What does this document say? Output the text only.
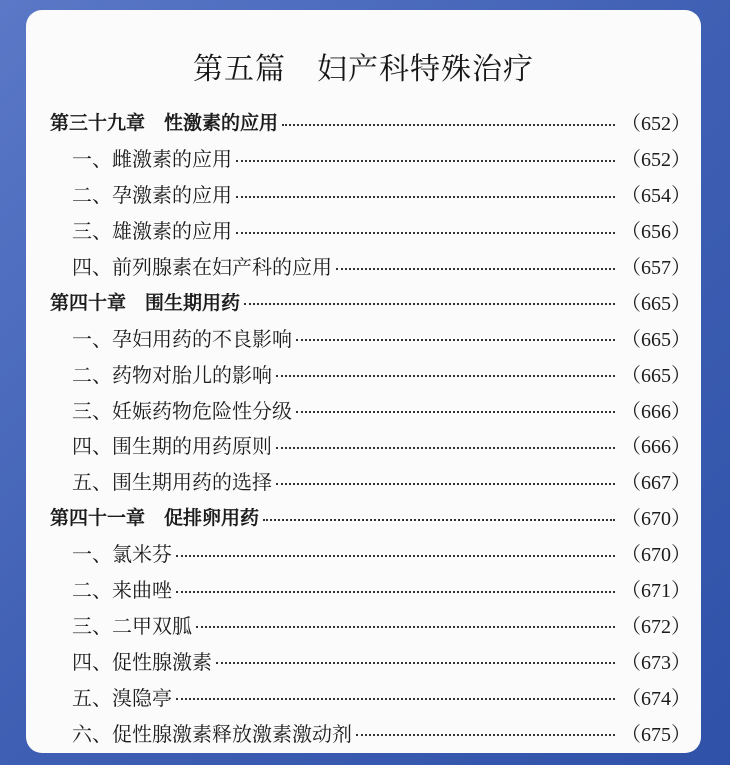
第五篇　妇产科特殊治疗
第三十九章　性激素的应用	（652）
一、雌激素的应用	（652）
二、孕激素的应用	（654）
三、雄激素的应用	（656）
四、前列腺素在妇产科的应用	（657）
第四十章　围生期用药	（665）
一、孕妇用药的不良影响	（665）
二、药物对胎儿的影响	（665）
三、妊娠药物危险性分级	（666）
四、围生期的用药原则	（666）
五、围生期用药的选择	（667）
第四十一章　促排卵用药	（670）
一、氯米芬	（670）
二、来曲唑	（671）
三、二甲双胍	（672）
四、促性腺激素	（673）
五、溴隐亭	（674）
六、促性腺激素释放激素激动剂	（675）
